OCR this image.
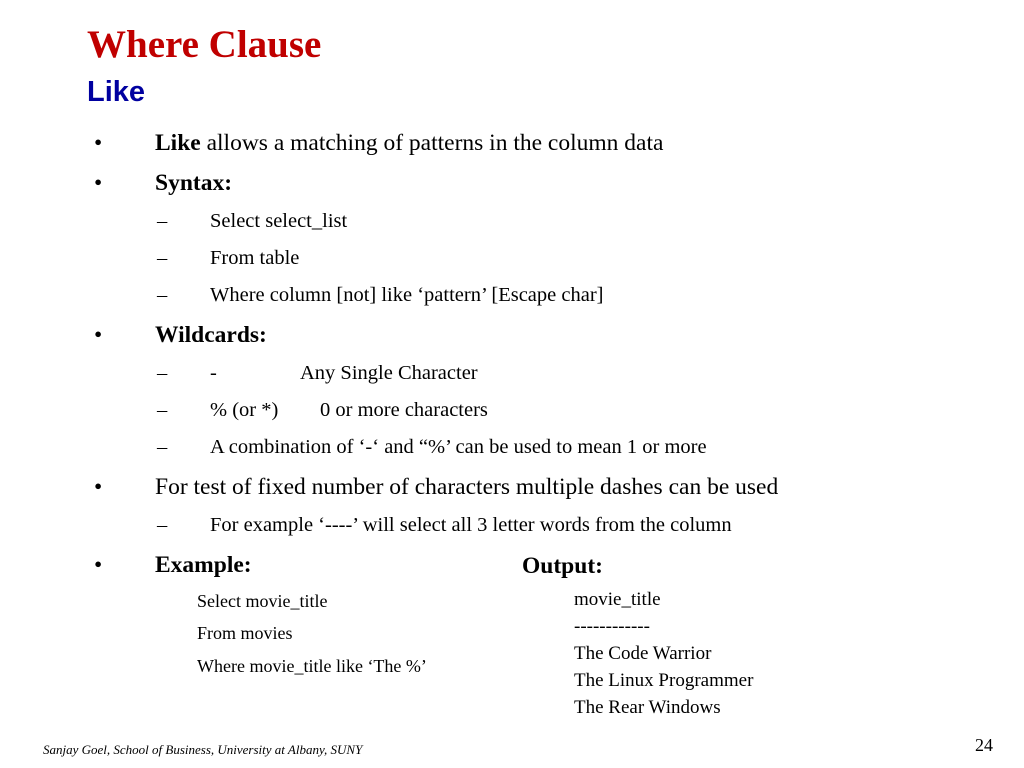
Where Clause
Like
• Like allows a matching of patterns in the column data
• Syntax:
– Select select_list
– From table
– Where column [not] like ‘pattern’ [Escape char]
• Wildcards:
– -	Any Single Character
– % (or *) 0 or more characters
– A combination of ‘-‘ and “%’ can be used to mean 1 or more
• For test of fixed number of characters multiple dashes can be used
– For example ‘----’ will select all 3 letter words from the column
• Example:
Select movie_title
From movies
Where movie_title like ‘The %’
Output:
movie_title
------------
The Code Warrior
The Linux Programmer
The Rear Windows
Sanjay Goel, School of Business, University at Albany, SUNY	24
